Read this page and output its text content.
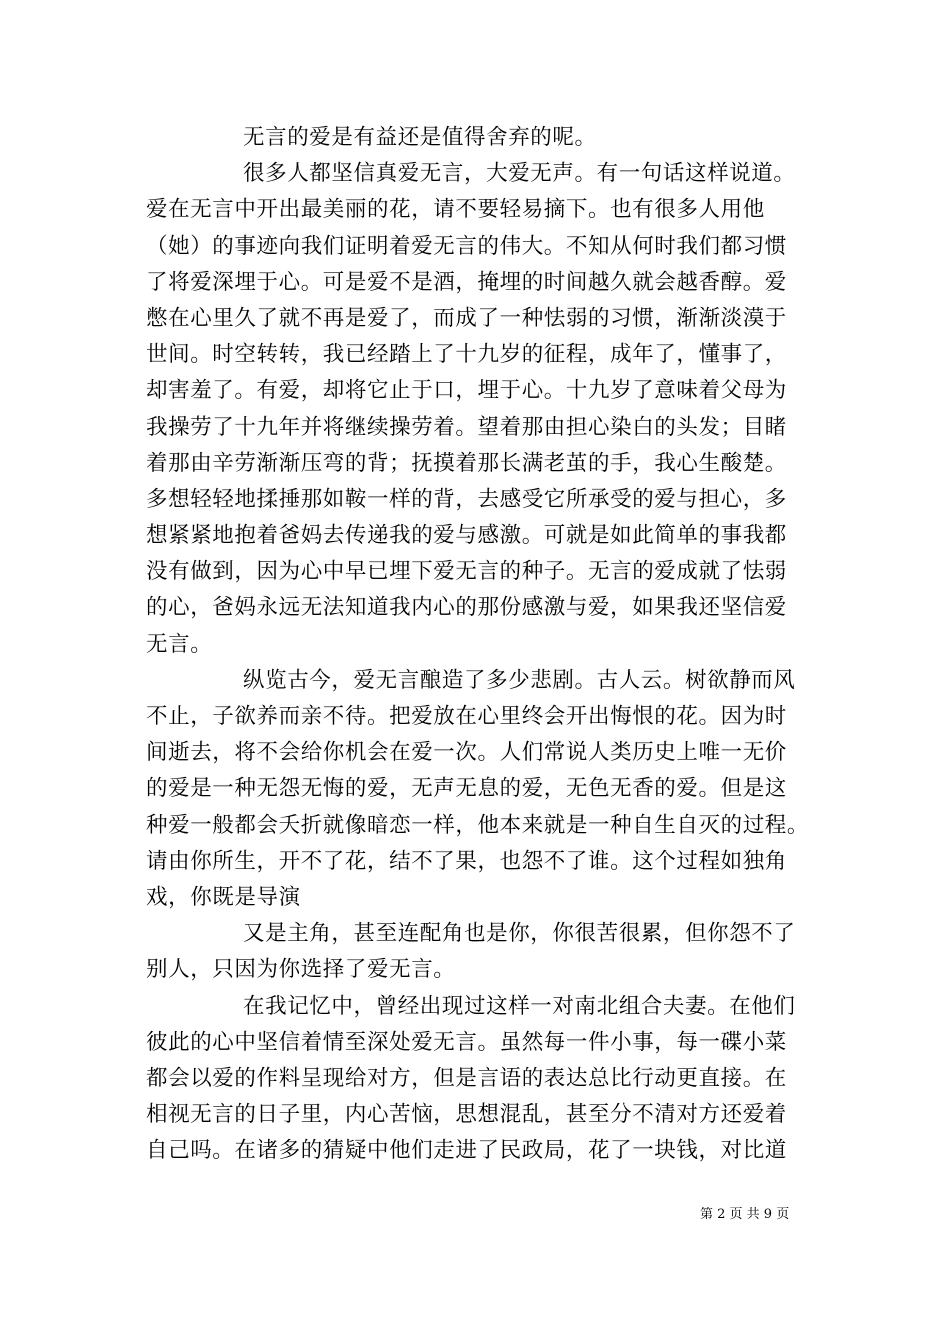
无言的爱是有益还是值得舍弃的呢。
很多人都坚信真爱无言，大爱无声。有一句话这样说道。
爱在无言中开出最美丽的花，请不要轻易摘下。也有很多人用他
（她）的事迹向我们证明着爱无言的伟大。不知从何时我们都习惯
了将爱深埋于心。可是爱不是酒，掩埋的时间越久就会越香醇。爱
憋在心里久了就不再是爱了，而成了一种怯弱的习惯，渐渐淡漠于
世间。时空转转，我已经踏上了十九岁的征程，成年了，懂事了，
却害羞了。有爱，却将它止于口，埋于心。十九岁了意味着父母为
我操劳了十九年并将继续操劳着。望着那由担心染白的头发；目睹
着那由辛劳渐渐压弯的背；抚摸着那长满老茧的手，我心生酸楚。
多想轻轻地揉捶那如鞍一样的背，去感受它所承受的爱与担心，多
想紧紧地抱着爸妈去传递我的爱与感激。可就是如此简单的事我都
没有做到，因为心中早已埋下爱无言的种子。无言的爱成就了怯弱
的心，爸妈永远无法知道我内心的那份感激与爱，如果我还坚信爱
无言。
纵览古今，爱无言酿造了多少悲剧。古人云。树欲静而风
不止，子欲养而亲不待。把爱放在心里终会开出悔恨的花。因为时
间逝去，将不会给你机会在爱一次。人们常说人类历史上唯一无价
的爱是一种无怨无悔的爱，无声无息的爱，无色无香的爱。但是这
种爱一般都会夭折就像暗恋一样，他本来就是一种自生自灭的过程。
请由你所生，开不了花，结不了果，也怨不了谁。这个过程如独角
戏，你既是导演
又是主角，甚至连配角也是你，你很苦很累，但你怨不了
别人，只因为你选择了爱无言。
在我记忆中，曾经出现过这样一对南北组合夫妻。在他们
彼此的心中坚信着情至深处爱无言。虽然每一件小事，每一碟小菜
都会以爱的作料呈现给对方，但是言语的表达总比行动更直接。在
相视无言的日子里，内心苦恼，思想混乱，甚至分不清对方还爱着
自己吗。在诸多的猜疑中他们走进了民政局，花了一块钱，对比道
第 2 页 共 9 页
